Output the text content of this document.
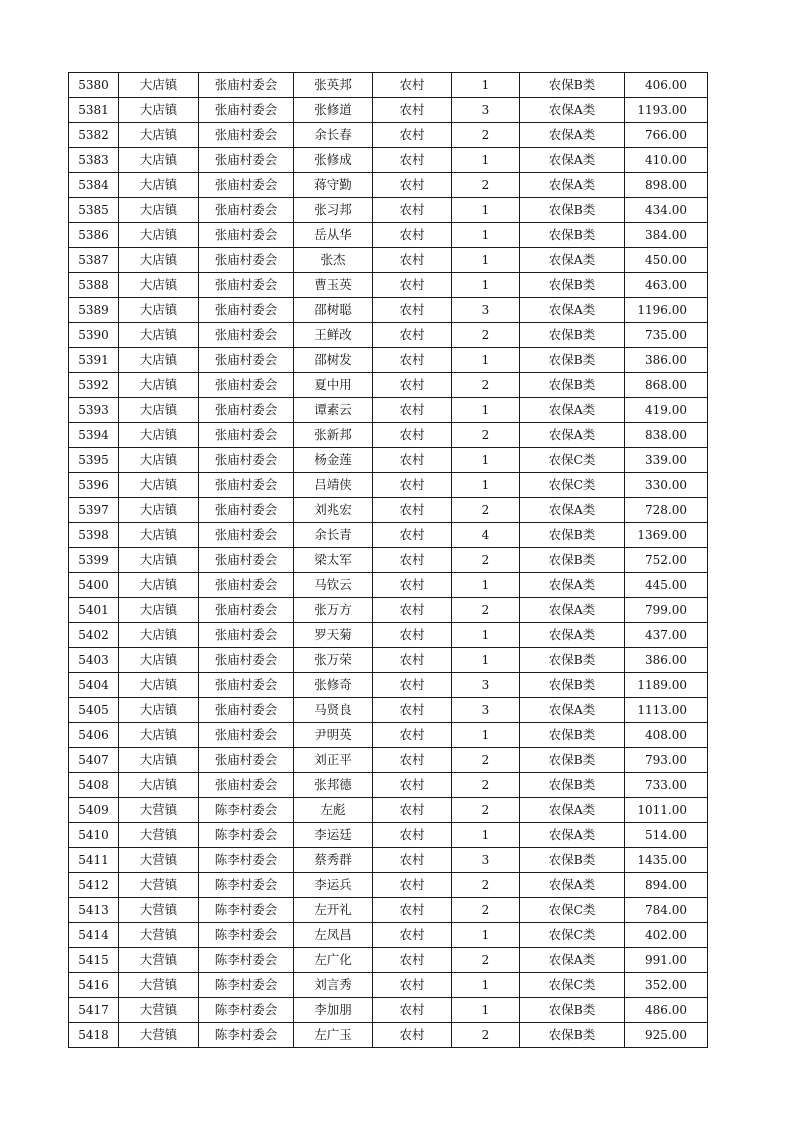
5380	大店镇	张庙村委会	张英邦	农村	1	农保B类	406.00
5381	大店镇	张庙村委会	张修道	农村	3	农保A类	1193.00
5382	大店镇	张庙村委会	余长春	农村	2	农保A类	766.00
5383	大店镇	张庙村委会	张修成	农村	1	农保A类	410.00
5384	大店镇	张庙村委会	蒋守勤	农村	2	农保A类	898.00
5385	大店镇	张庙村委会	张习邦	农村	1	农保B类	434.00
5386	大店镇	张庙村委会	岳从华	农村	1	农保B类	384.00
5387	大店镇	张庙村委会	张杰	农村	1	农保A类	450.00
5388	大店镇	张庙村委会	曹玉英	农村	1	农保B类	463.00
5389	大店镇	张庙村委会	邵树聪	农村	3	农保A类	1196.00
5390	大店镇	张庙村委会	王鲜改	农村	2	农保B类	735.00
5391	大店镇	张庙村委会	邵树发	农村	1	农保B类	386.00
5392	大店镇	张庙村委会	夏中用	农村	2	农保B类	868.00
5393	大店镇	张庙村委会	谭素云	农村	1	农保A类	419.00
5394	大店镇	张庙村委会	张新邦	农村	2	农保A类	838.00
5395	大店镇	张庙村委会	杨金莲	农村	1	农保C类	339.00
5396	大店镇	张庙村委会	吕靖侠	农村	1	农保C类	330.00
5397	大店镇	张庙村委会	刘兆宏	农村	2	农保A类	728.00
5398	大店镇	张庙村委会	余长青	农村	4	农保B类	1369.00
5399	大店镇	张庙村委会	梁太军	农村	2	农保B类	752.00
5400	大店镇	张庙村委会	马钦云	农村	1	农保A类	445.00
5401	大店镇	张庙村委会	张万方	农村	2	农保A类	799.00
5402	大店镇	张庙村委会	罗天菊	农村	1	农保A类	437.00
5403	大店镇	张庙村委会	张万荣	农村	1	农保B类	386.00
5404	大店镇	张庙村委会	张修奇	农村	3	农保B类	1189.00
5405	大店镇	张庙村委会	马贤良	农村	3	农保A类	1113.00
5406	大店镇	张庙村委会	尹明英	农村	1	农保B类	408.00
5407	大店镇	张庙村委会	刘正平	农村	2	农保B类	793.00
5408	大店镇	张庙村委会	张邦德	农村	2	农保B类	733.00
5409	大营镇	陈李村委会	左彪	农村	2	农保A类	1011.00
5410	大营镇	陈李村委会	李运廷	农村	1	农保A类	514.00
5411	大营镇	陈李村委会	蔡秀群	农村	3	农保B类	1435.00
5412	大营镇	陈李村委会	李运兵	农村	2	农保A类	894.00
5413	大营镇	陈李村委会	左开礼	农村	2	农保C类	784.00
5414	大营镇	陈李村委会	左凤昌	农村	1	农保C类	402.00
5415	大营镇	陈李村委会	左广化	农村	2	农保A类	991.00
5416	大营镇	陈李村委会	刘言秀	农村	1	农保C类	352.00
5417	大营镇	陈李村委会	李加朋	农村	1	农保B类	486.00
5418	大营镇	陈李村委会	左广玉	农村	2	农保B类	925.00
